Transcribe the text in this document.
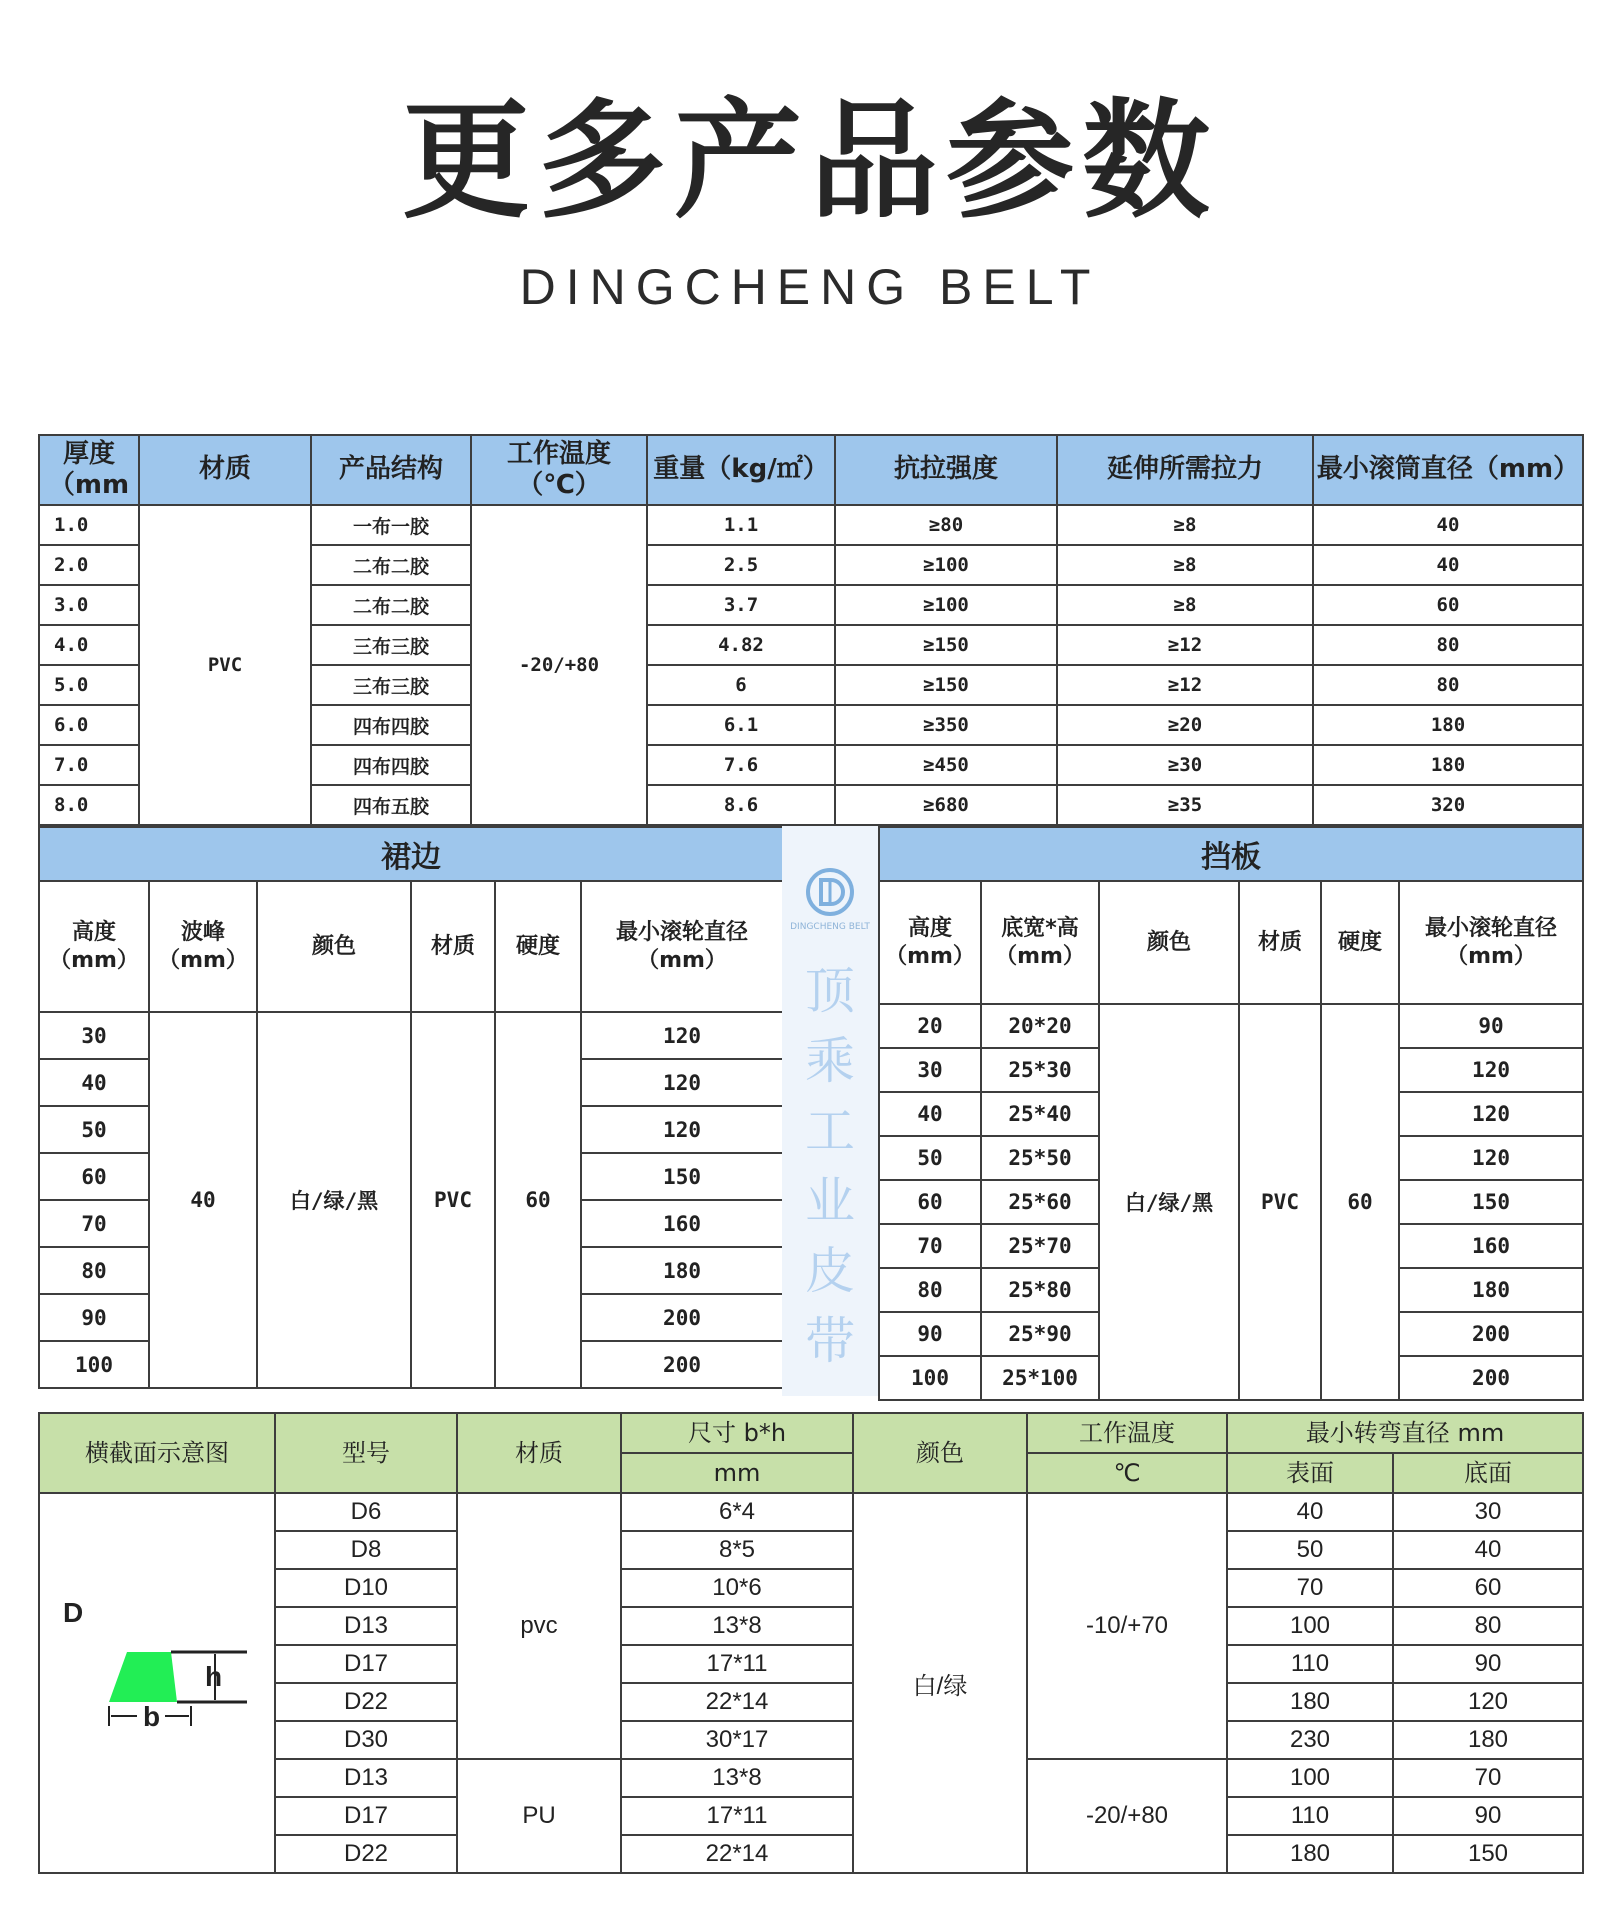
更多产品参数
DINGCHENG BELT
厚度（mm	材质	产品结构	工作温度（℃）	重量（kg/㎡）	抗拉强度	延伸所需拉力	最小滚筒直径（mm）
1.0	PVC	一布一胶	-20/+80	1.1	≥80	≥8	40
2.0		二布二胶		2.5	≥100	≥8	40
3.0		二布二胶		3.7	≥100	≥8	60
4.0		三布三胶		4.82	≥150	≥12	80
5.0		三布三胶		6	≥150	≥12	80
6.0		四布四胶		6.1	≥350	≥20	180
7.0		四布四胶		7.6	≥450	≥30	180
8.0		四布五胶		8.6	≥680	≥35	320
裙边					
高度（mm）	波峰（mm）	颜色	材质	硬度	最小滚轮直径（mm）
30	40	白/绿/黑	PVC	60	120
40					120
50					120
60					150
70					160
80					180
90					200
100					200
DINGCHENG BELT
顶
乘
工
业
皮
带
挡板					
高度（mm）	底宽*高（mm）	颜色	材质	硬度	最小滚轮直径（mm）
20	20*20	白/绿/黑	PVC	60	90
30	25*30				120
40	25*40				120
50	25*50				120
60	25*60				150
70	25*70				160
80	25*80				180
90	25*90				200
100	25*100				200
横截面示意图	型号	材质	尺寸 b*h	颜色	工作温度	最小转弯直径 mm	
			mm		℃	表面	底面

D
h
b	D6	pvc	6*4	白/绿	-10/+70	40	30
	D8		8*5			50	40
	D10		10*6			70	60
	D13		13*8			100	80
	D17		17*11			110	90
	D22		22*14			180	120
	D30		30*17			230	180
	D13	PU	13*8		-20/+80	100	70
	D17		17*11			110	90
	D22		22*14			180	150
